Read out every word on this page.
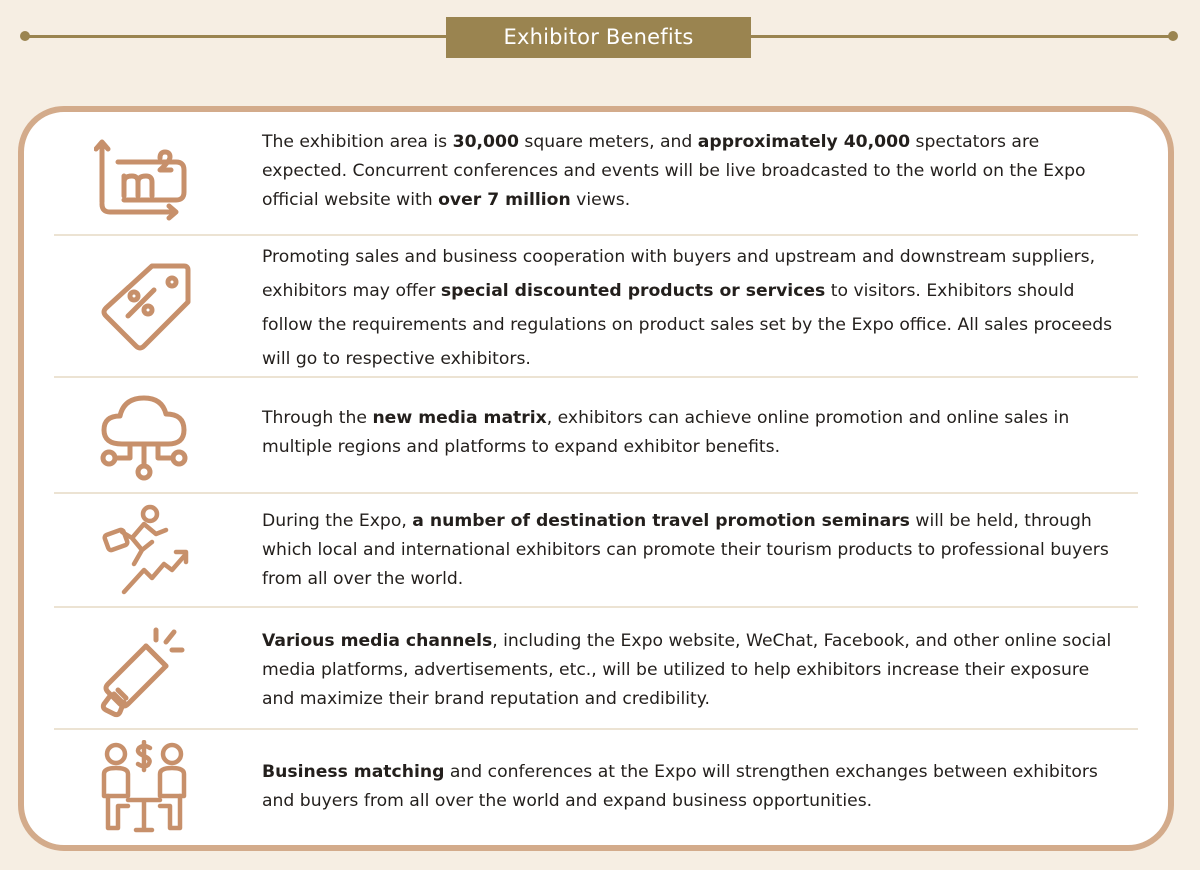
Exhibitor Benefits
The exhibition area is 30,000 square meters, and approximately 40,000 spectators are expected. Concurrent conferences and events will be live broadcasted to the world on the Expo official website with over 7 million views.
Promoting sales and business cooperation with buyers and upstream and downstream suppliers, exhibitors may offer special discounted products or services to visitors. Exhibitors should follow the requirements and regulations on product sales set by the Expo office. All sales proceeds will go to respective exhibitors.
Through the new media matrix, exhibitors can achieve online promotion and online sales in multiple regions and platforms to expand exhibitor benefits.
During the Expo, a number of destination travel promotion seminars will be held, through which local and international exhibitors can promote their tourism products to professional buyers from all over the world.
Various media channels, including the Expo website, WeChat, Facebook, and other online social media platforms, advertisements, etc., will be utilized to help exhibitors increase their exposure and maximize their brand reputation and credibility.
Business matching and conferences at the Expo will strengthen exchanges between exhibitors and buyers from all over the world and expand business opportunities.
